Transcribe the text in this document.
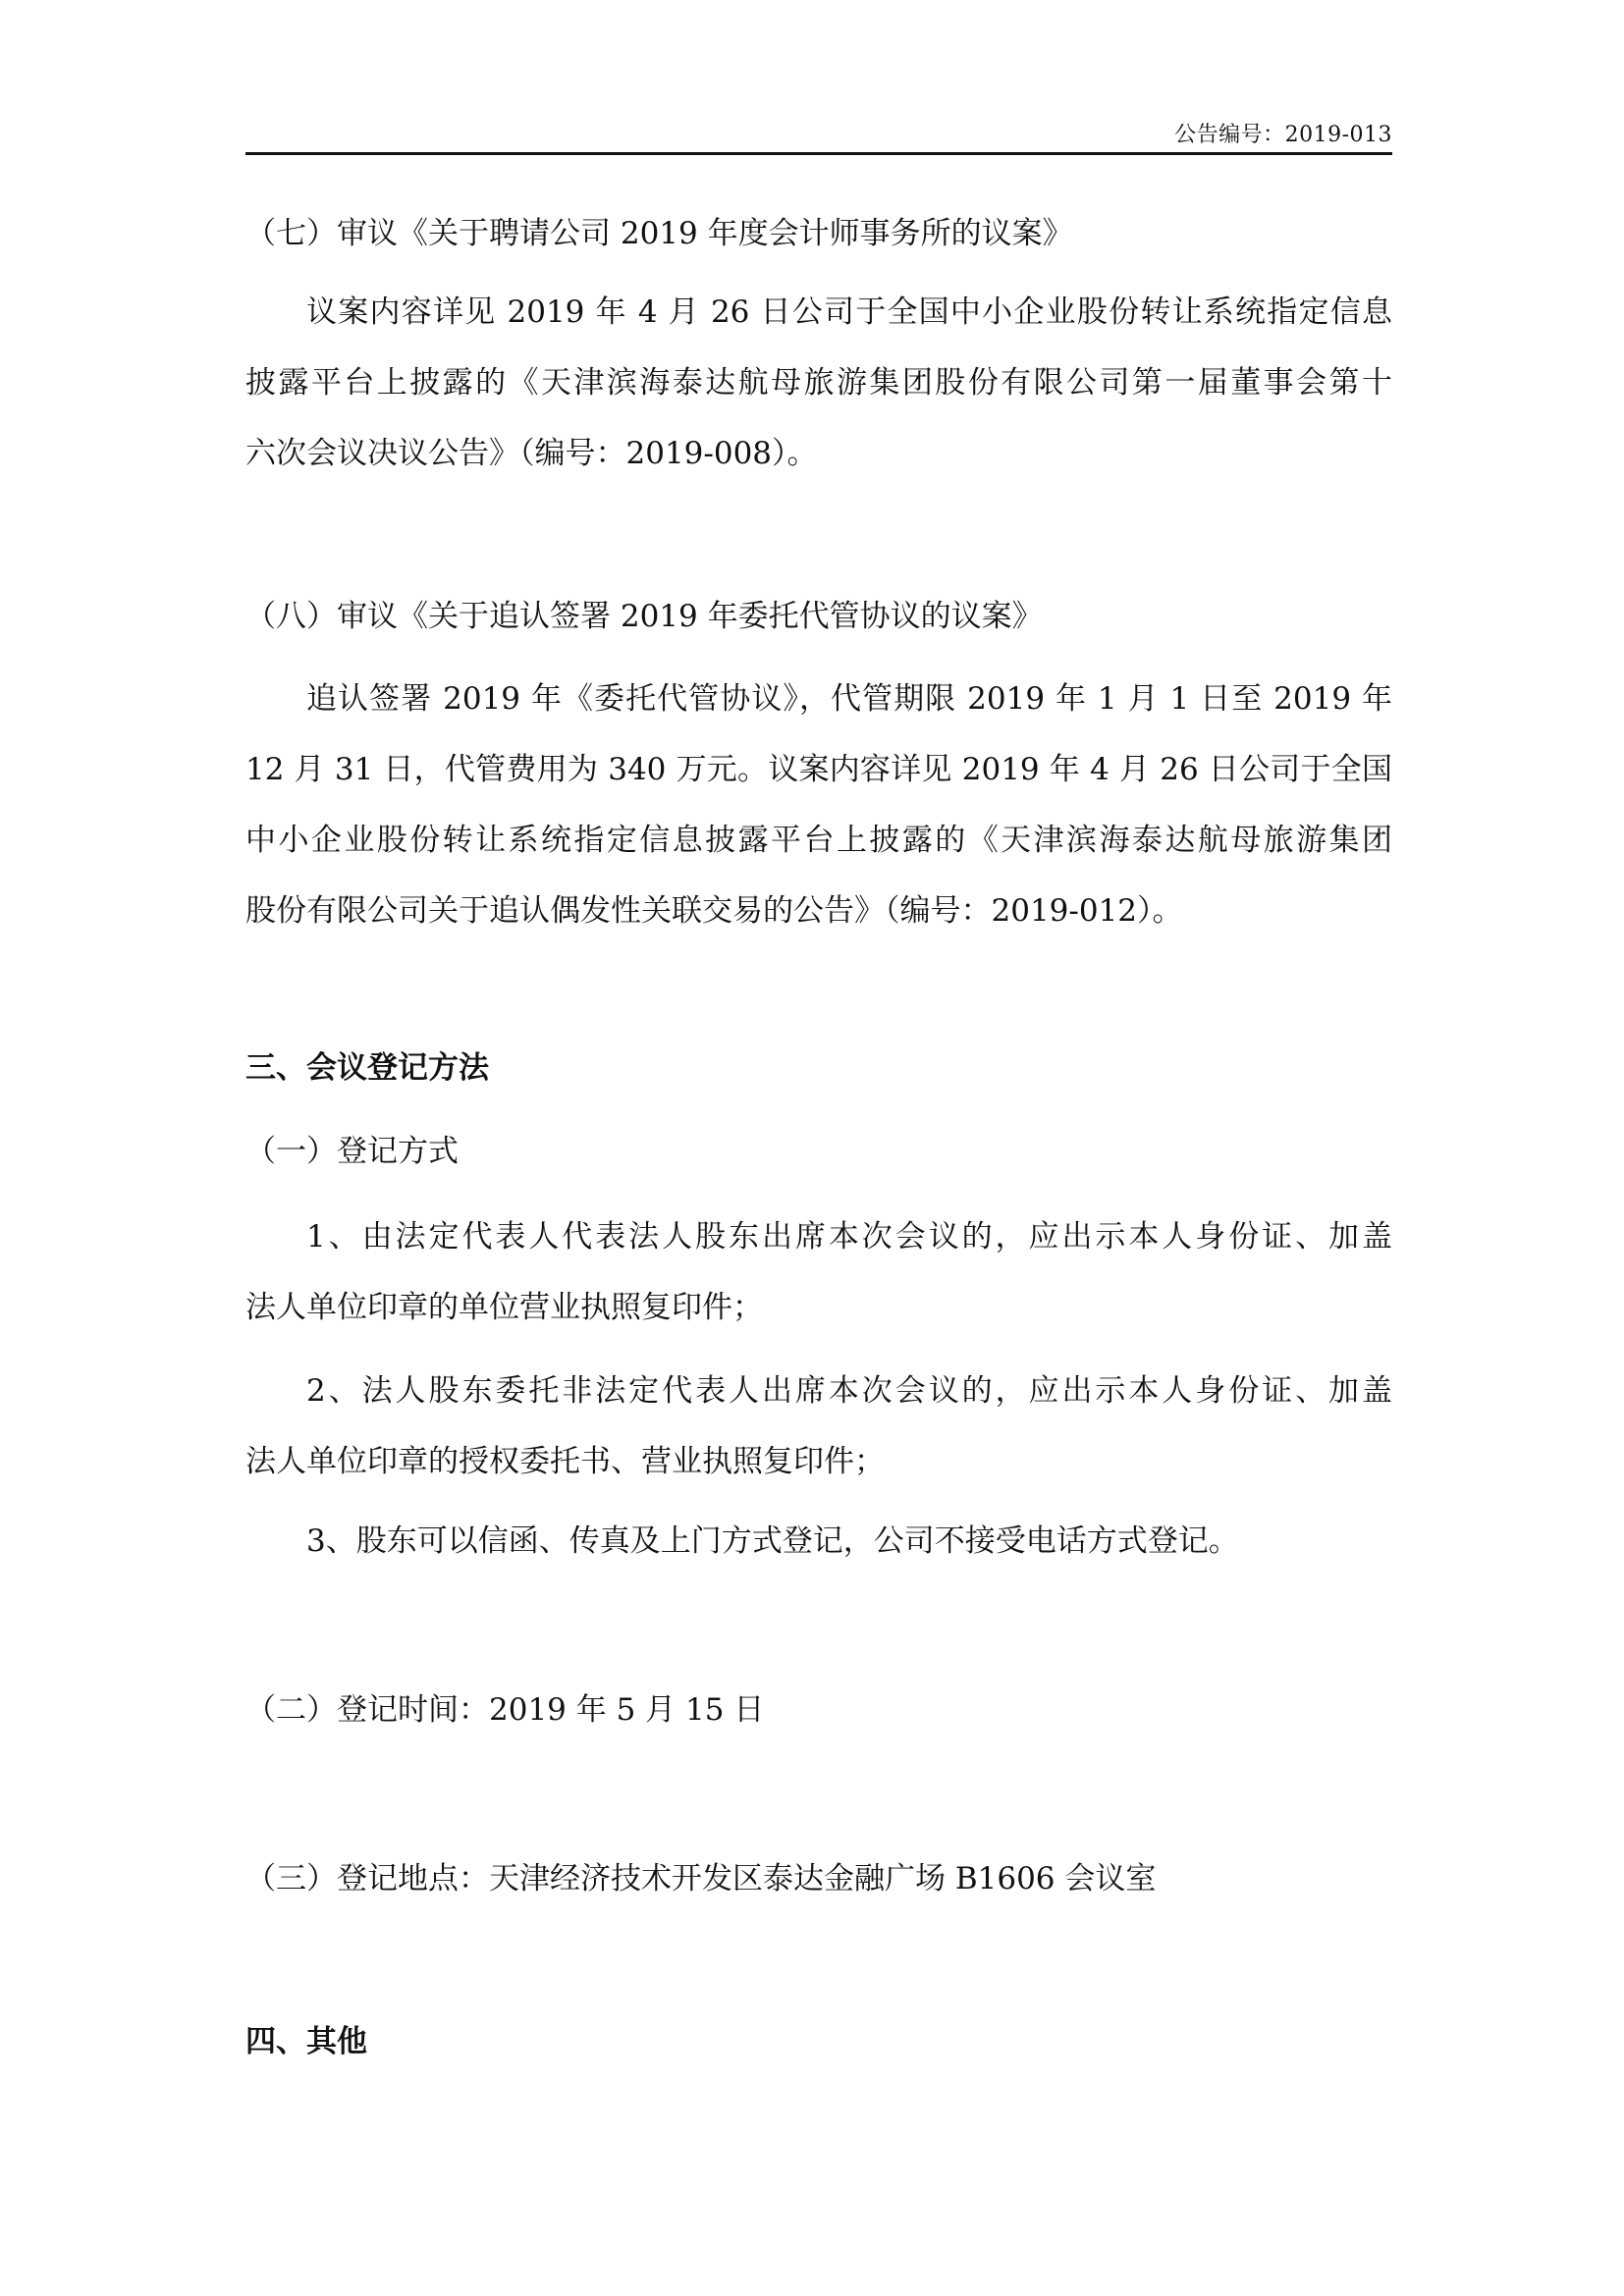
公告编号：2019-013
（七）审议《关于聘请公司 2019 年度会计师事务所的议案》
议案内容详见 2019 年 4 月 26 日公司于全国中小企业股份转让系统指定信息
披露平台上披露的《天津滨海泰达航母旅游集团股份有限公司第一届董事会第十
六次会议决议公告》（编号：2019-008）。
（八）审议《关于追认签署 2019 年委托代管协议的议案》
追认签署 2019 年《委托代管协议》，代管期限 2019 年 1 月 1 日至 2019 年
12 月 31 日，代管费用为 340 万元。议案内容详见 2019 年 4 月 26 日公司于全国
中小企业股份转让系统指定信息披露平台上披露的《天津滨海泰达航母旅游集团
股份有限公司关于追认偶发性关联交易的公告》（编号：2019-012）。
三、会议登记方法
（一）登记方式
1、由法定代表人代表法人股东出席本次会议的，应出示本人身份证、加盖
法人单位印章的单位营业执照复印件；
2、法人股东委托非法定代表人出席本次会议的，应出示本人身份证、加盖
法人单位印章的授权委托书、营业执照复印件；
3、股东可以信函、传真及上门方式登记，公司不接受电话方式登记。
（二）登记时间：2019 年 5 月 15 日
（三）登记地点：天津经济技术开发区泰达金融广场 B1606 会议室
四、其他
